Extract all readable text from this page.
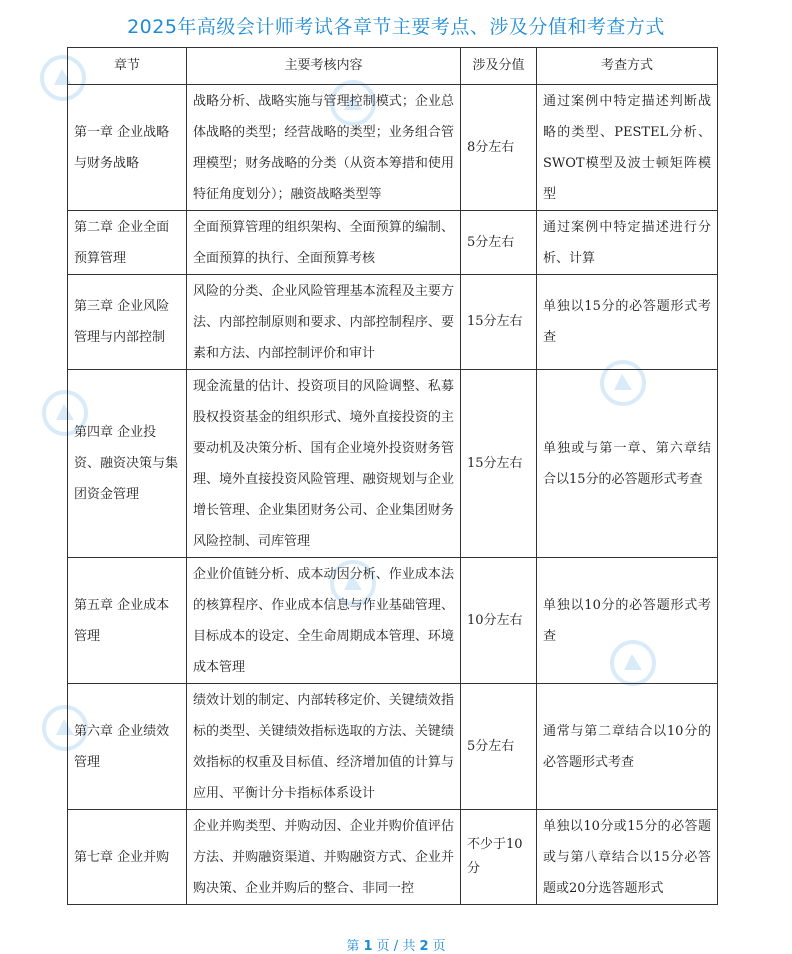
2025年高级会计师考试各章节主要考点、涉及分值和考查方式
章节	主要考核内容	涉及分值	考查方式
第一章 企业战略与财务战略	战略分析、战略实施与管理控制模式；企业总体战略的类型；经营战略的类型；业务组合管理模型；财务战略的分类（从资本筹措和使用特征角度划分）；融资战略类型等	8分左右	通过案例中特定描述判断战略的类型、PESTEL分析、SWOT模型及波士顿矩阵模型
第二章 企业全面预算管理	全面预算管理的组织架构、全面预算的编制、全面预算的执行、全面预算考核	5分左右	通过案例中特定描述进行分析、计算
第三章 企业风险管理与内部控制	风险的分类、企业风险管理基本流程及主要方法、内部控制原则和要求、内部控制程序、要素和方法、内部控制评价和审计	15分左右	单独以15分的必答题形式考查
第四章 企业投资、融资决策与集团资金管理	现金流量的估计、投资项目的风险调整、私募股权投资基金的组织形式、境外直接投资的主要动机及决策分析、国有企业境外投资财务管理、境外直接投资风险管理、融资规划与企业增长管理、企业集团财务公司、企业集团财务风险控制、司库管理	15分左右	单独或与第一章、第六章结合以15分的必答题形式考查
第五章 企业成本管理	企业价值链分析、成本动因分析、作业成本法的核算程序、作业成本信息与作业基础管理、目标成本的设定、全生命周期成本管理、环境成本管理	10分左右	单独以10分的必答题形式考查
第六章 企业绩效管理	绩效计划的制定、内部转移定价、关键绩效指标的类型、关键绩效指标选取的方法、关键绩效指标的权重及目标值、经济增加值的计算与应用、平衡计分卡指标体系设计	5分左右	通常与第二章结合以10分的必答题形式考查
第七章 企业并购	企业并购类型、并购动因、企业并购价值评估方法、并购融资渠道、并购融资方式、企业并购决策、企业并购后的整合、非同一控	不少于10分	单独以10分或15分的必答题或与第八章结合以15分必答题或20分选答题形式
第 1 页 / 共 2 页
